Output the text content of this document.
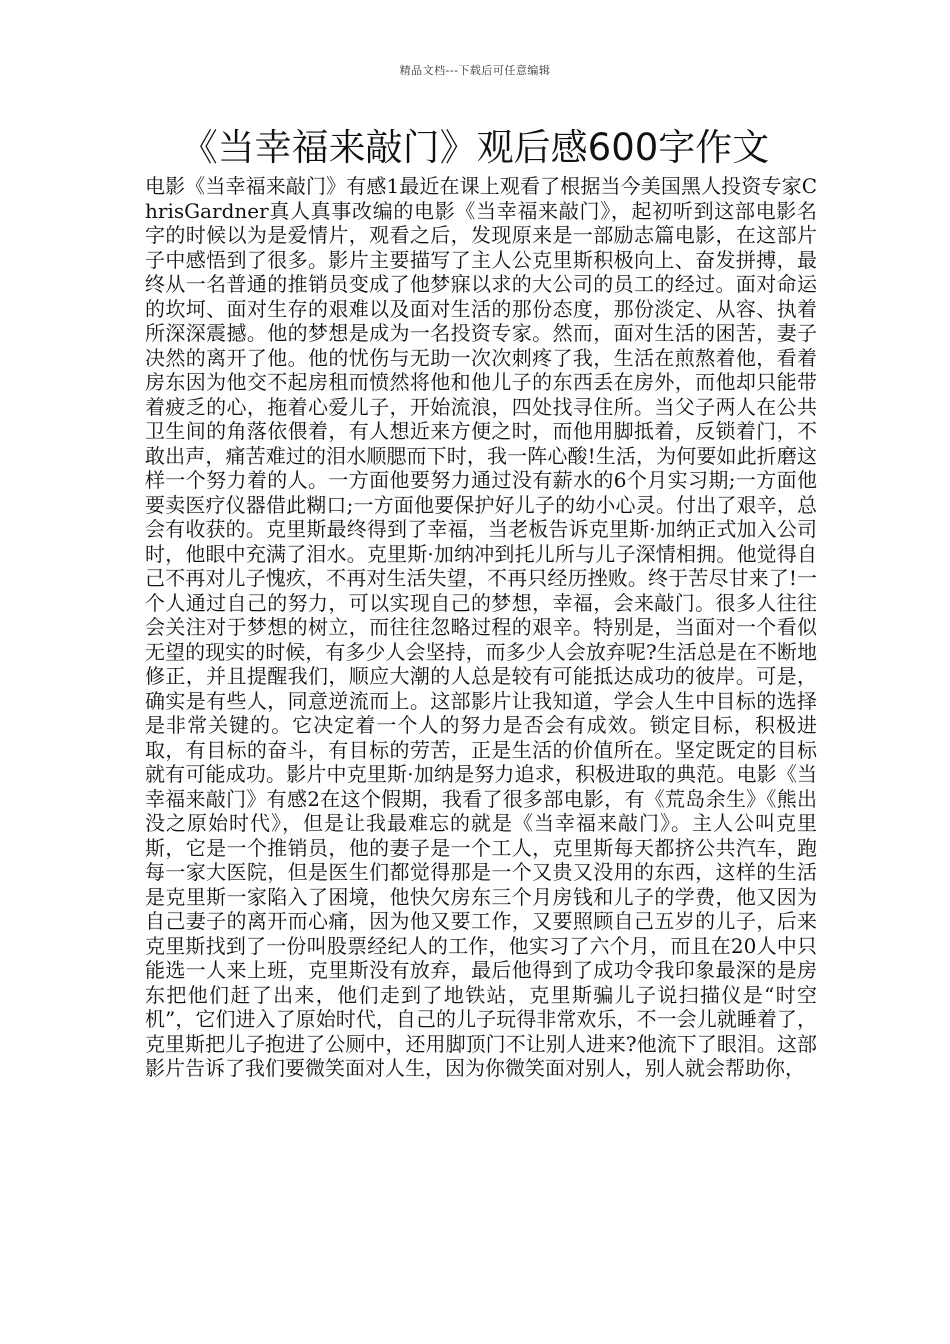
精品文档---下载后可任意编辑
《当幸福来敲门》观后感600字作文

电影《当幸福来敲门》有感1最近在课上观看了根据当今美国黑人投资专家ChrisGardner真人真事改编的电影《当幸福来敲门》，起初听到这部电影名字的时候以为是爱情片，观看之后，发现原来是一部励志篇电影，在这部片子中感悟到了很多。影片主要描写了主人公克里斯积极向上、奋发拼搏，最终从一名普通的推销员变成了他梦寐以求的大公司的员工的经过。面对命运的坎坷、面对生存的艰难以及面对生活的那份态度，那份淡定、从容、执着所深深震撼。他的梦想是成为一名投资专家。然而，面对生活的困苦，妻子决然的离开了他。他的忧伤与无助一次次刺疼了我，生活在煎熬着他，看着房东因为他交不起房租而愤然将他和他儿子的东西丢在房外，而他却只能带着疲乏的心，拖着心爱儿子，开始流浪，四处找寻住所。当父子两人在公共卫生间的角落依偎着，有人想近来方便之时，而他用脚抵着，反锁着门，不敢出声，痛苦难过的泪水顺腮而下时，我一阵心酸!生活，为何要如此折磨这样一个努力着的人。一方面他要努力通过没有薪水的6个月实习期;一方面他要卖医疗仪器借此糊口;一方面他要保护好儿子的幼小心灵。付出了艰辛，总会有收获的。克里斯最终得到了幸福，当老板告诉克里斯·加纳正式加入公司时，他眼中充满了泪水。克里斯·加纳冲到托儿所与儿子深情相拥。他觉得自己不再对儿子愧疚，不再对生活失望，不再只经历挫败。终于苦尽甘来了!一个人通过自己的努力，可以实现自己的梦想，幸福，会来敲门。很多人往往会关注对于梦想的树立，而往往忽略过程的艰辛。特别是，当面对一个看似无望的现实的时候，有多少人会坚持，而多少人会放弃呢?生活总是在不断地修正，并且提醒我们，顺应大潮的人总是较有可能抵达成功的彼岸。可是，确实是有些人，同意逆流而上。这部影片让我知道，学会人生中目标的选择是非常关键的。它决定着一个人的努力是否会有成效。锁定目标，积极进取，有目标的奋斗，有目标的劳苦，正是生活的价值所在。坚定既定的目标就有可能成功。影片中克里斯·加纳是努力追求，积极进取的典范。电影《当幸福来敲门》有感2在这个假期，我看了很多部电影，有《荒岛余生》《熊出没之原始时代》，但是让我最难忘的就是《当幸福来敲门》。主人公叫克里斯，它是一个推销员，他的妻子是一个工人，克里斯每天都挤公共汽车，跑每一家大医院，但是医生们都觉得那是一个又贵又没用的东西，这样的生活是克里斯一家陷入了困境，他快欠房东三个月房钱和儿子的学费，他又因为自己妻子的离开而心痛，因为他又要工作，又要照顾自己五岁的儿子，后来克里斯找到了一份叫股票经纪人的工作，他实习了六个月，而且在20人中只能选一人来上班，克里斯没有放弃，最后他得到了成功令我印象最深的是房东把他们赶了出来，他们走到了地铁站，克里斯骗儿子说扫描仪是“时空机”，它们进入了原始时代，自己的儿子玩得非常欢乐，不一会儿就睡着了，克里斯把儿子抱进了公厕中，还用脚顶门不让别人进来?他流下了眼泪。这部影片告诉了我们要微笑面对人生，因为你微笑面对别人，别人就会帮助你，
